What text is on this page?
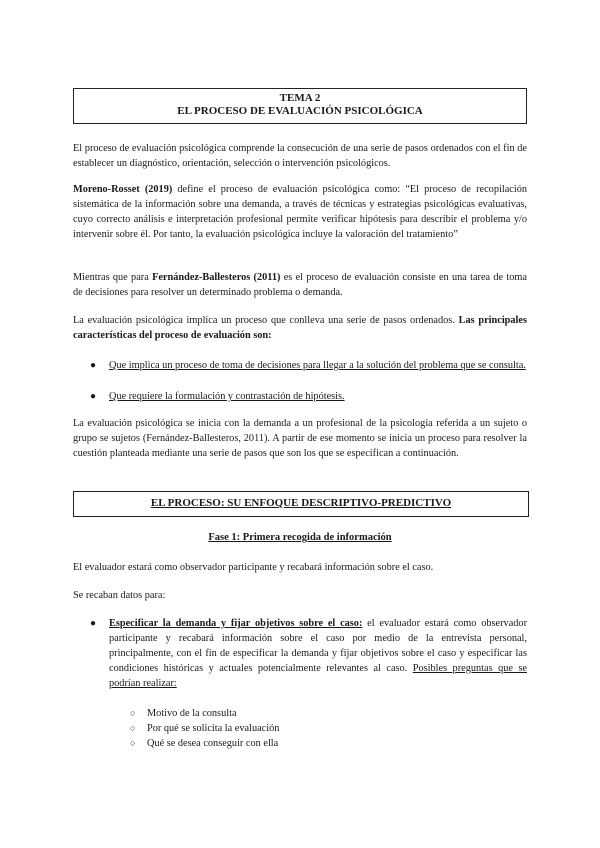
TEMA 2
EL PROCESO DE EVALUACIÓN PSICOLÓGICA

El proceso de evaluación psicológica comprende la consecución de una serie de pasos ordenados con el fin de establecer un diagnóstico, orientación, selección o intervención psicológicos.

Moreno-Rosset (2019) define el proceso de evaluación psicológica como: “El proceso de recopilación sistemática de la información sobre una demanda, a través de técnicas y estrategias psicológicas evaluativas, cuyo correcto análisis e interpretación profesional permite verificar hipótesis para describir el problema y/o intervenir sobre él. Por tanto, la evaluación psicológica incluye la valoración del tratamiento”

Mientras que para Fernández-Ballesteros (2011) es el proceso de evaluación consiste en una tarea de toma de decisiones para resolver un determinado problema o demanda.

La evaluación psicológica implica un proceso que conlleva una serie de pasos ordenados. Las principales características del proceso de evaluación son:

● Que implica un proceso de toma de decisiones para llegar a la solución del problema que se consulta.
● Que requiere la formulación y contrastación de hipótesis.

La evaluación psicológica se inicia con la demanda a un profesional de la psicología referida a un sujeto o grupo se sujetos (Fernández-Ballesteros, 2011). A partir de ese momento se inicia un proceso para resolver la cuestión planteada mediante una serie de pasos que son los que se especifican a continuación.

EL PROCESO: SU ENFOQUE DESCRIPTIVO-PREDICTIVO
Fase 1: Primera recogida de información

El evaluador estará como observador participante y recabará información sobre el caso.

Se recaban datos para:

● Especificar la demanda y fijar objetivos sobre el caso: el evaluador estará como observador participante y recabará información sobre el caso por medio de la entrevista personal, principalmente, con el fin de especificar la demanda y fijar objetivos sobre el caso y especificar las condiciones históricas y actuales potencialmente relevantes al caso. Posibles preguntas que se podrían realizar:
○ Motivo de la consulta
○ Por qué se solicita la evaluación
○ Qué se desea conseguir con ella
